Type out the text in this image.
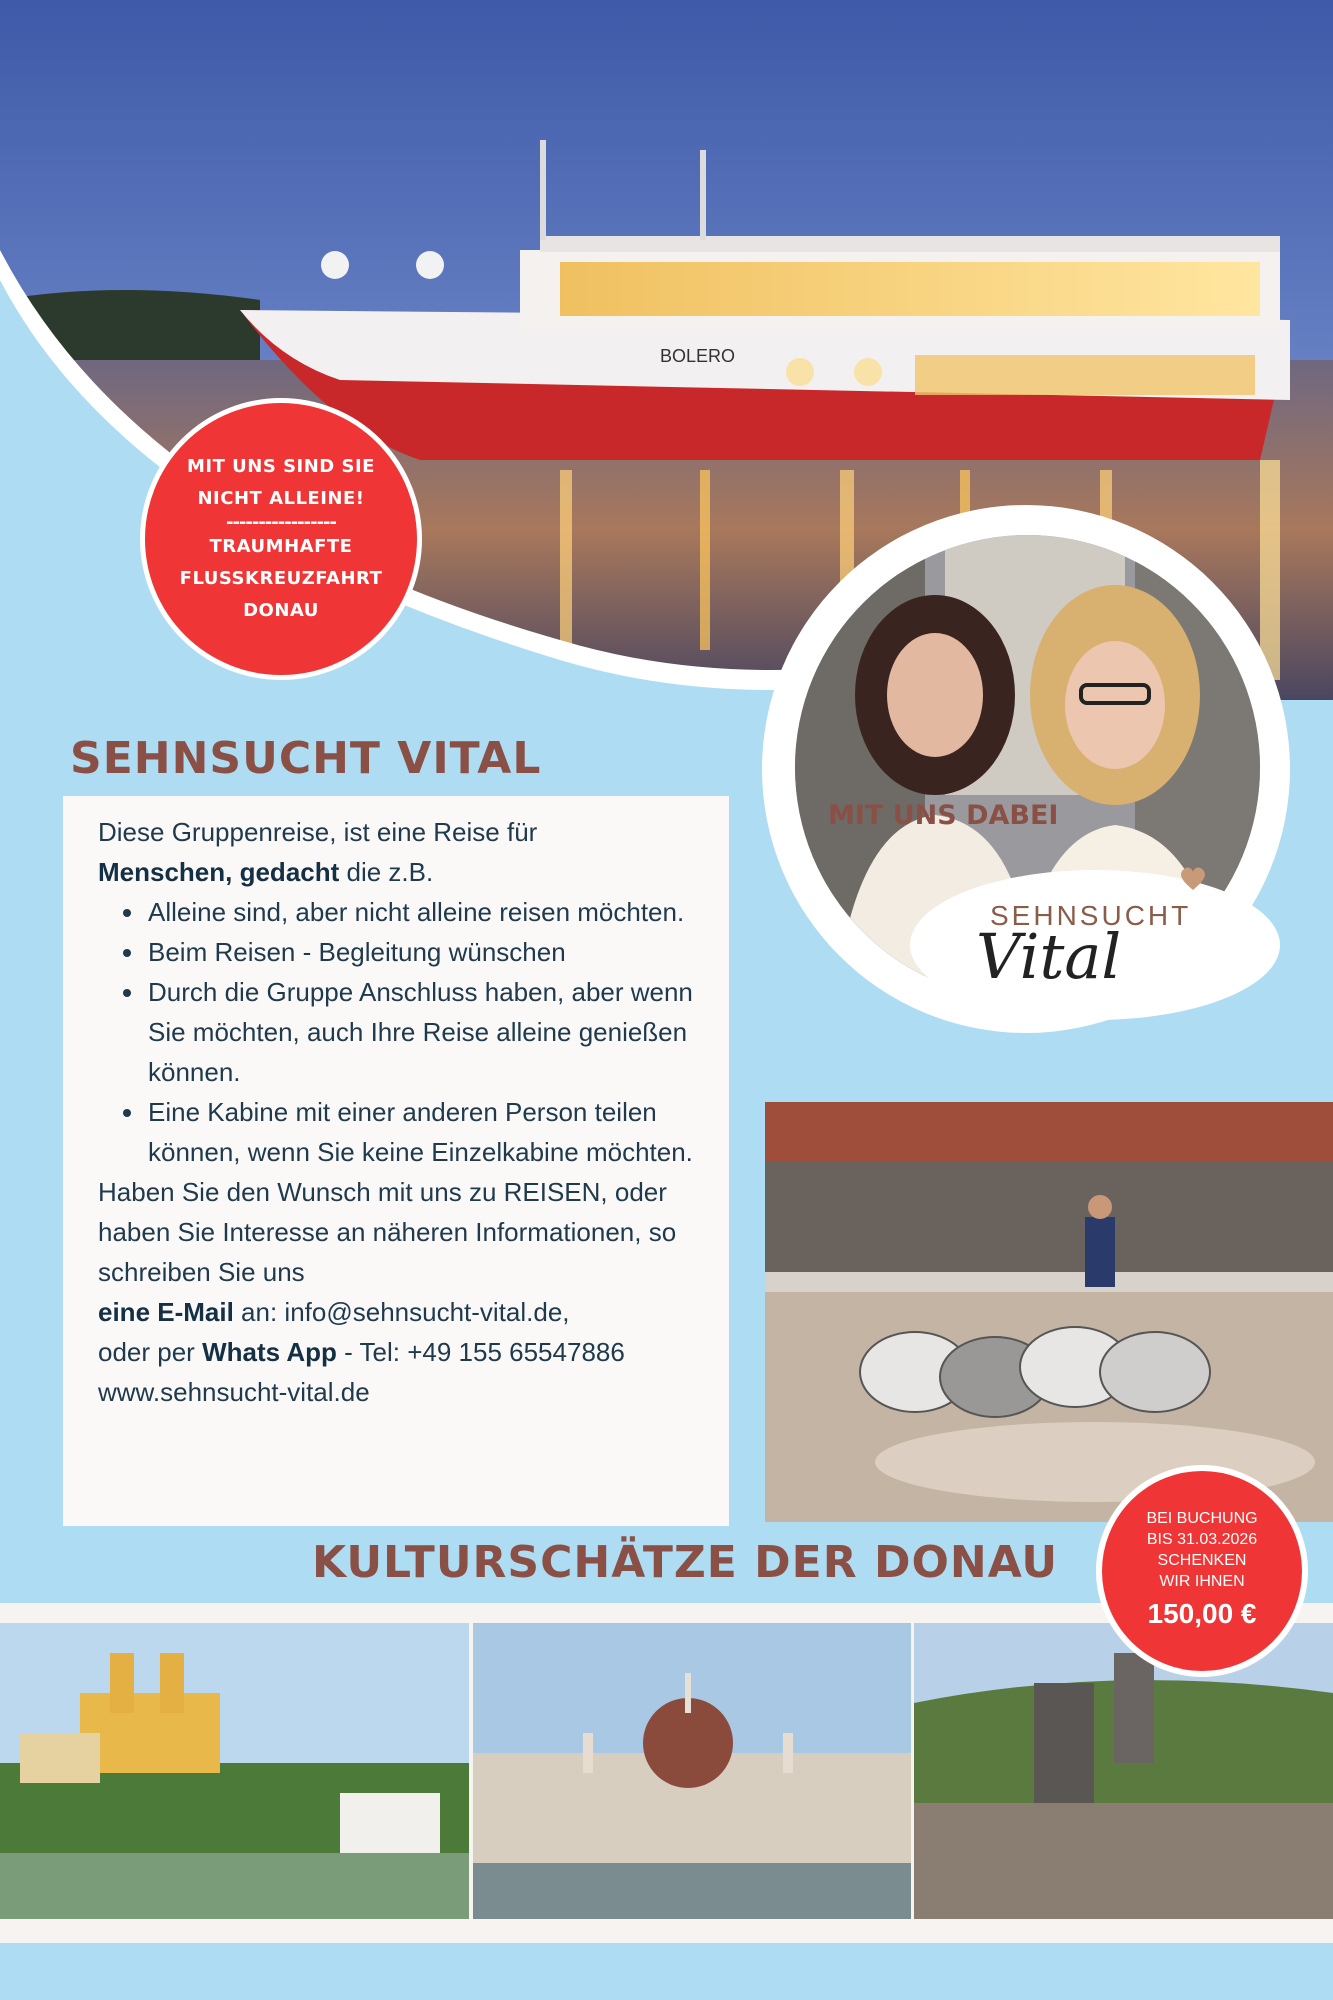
BOLERO
MIT UNS SIND SIE
NICHT ALLEINE!
-----------------
TRAUMHAFTE
FLUSSKREUZFAHRT
DONAU
MIT UNS DABEI
SEHNSUCHT
Vital
SEHNSUCHT VITAL

Diese Gruppenreise, ist eine Reise für

Menschen, gedacht die z.B.

• Alleine sind, aber nicht alleine reisen möchten.
• Beim Reisen - Begleitung wünschen
• Durch die Gruppe Anschluss haben, aber wenn Sie möchten, auch Ihre Reise alleine genießen können.
• Eine Kabine mit einer anderen Person teilen können, wenn Sie keine Einzelkabine möchten.

Haben Sie den Wunsch mit uns zu REISEN, oder haben Sie Interesse an näheren Informationen, so schreiben Sie uns

eine E-Mail an: info@sehnsucht-vital.de,

oder per Whats App - Tel: +49 155 65547886

www.sehnsucht-vital.de

KULTURSCHÄTZE DER DONAU
BEI BUCHUNG
BIS 31.03.2026
SCHENKEN
WIR IHNEN
150,00 €
